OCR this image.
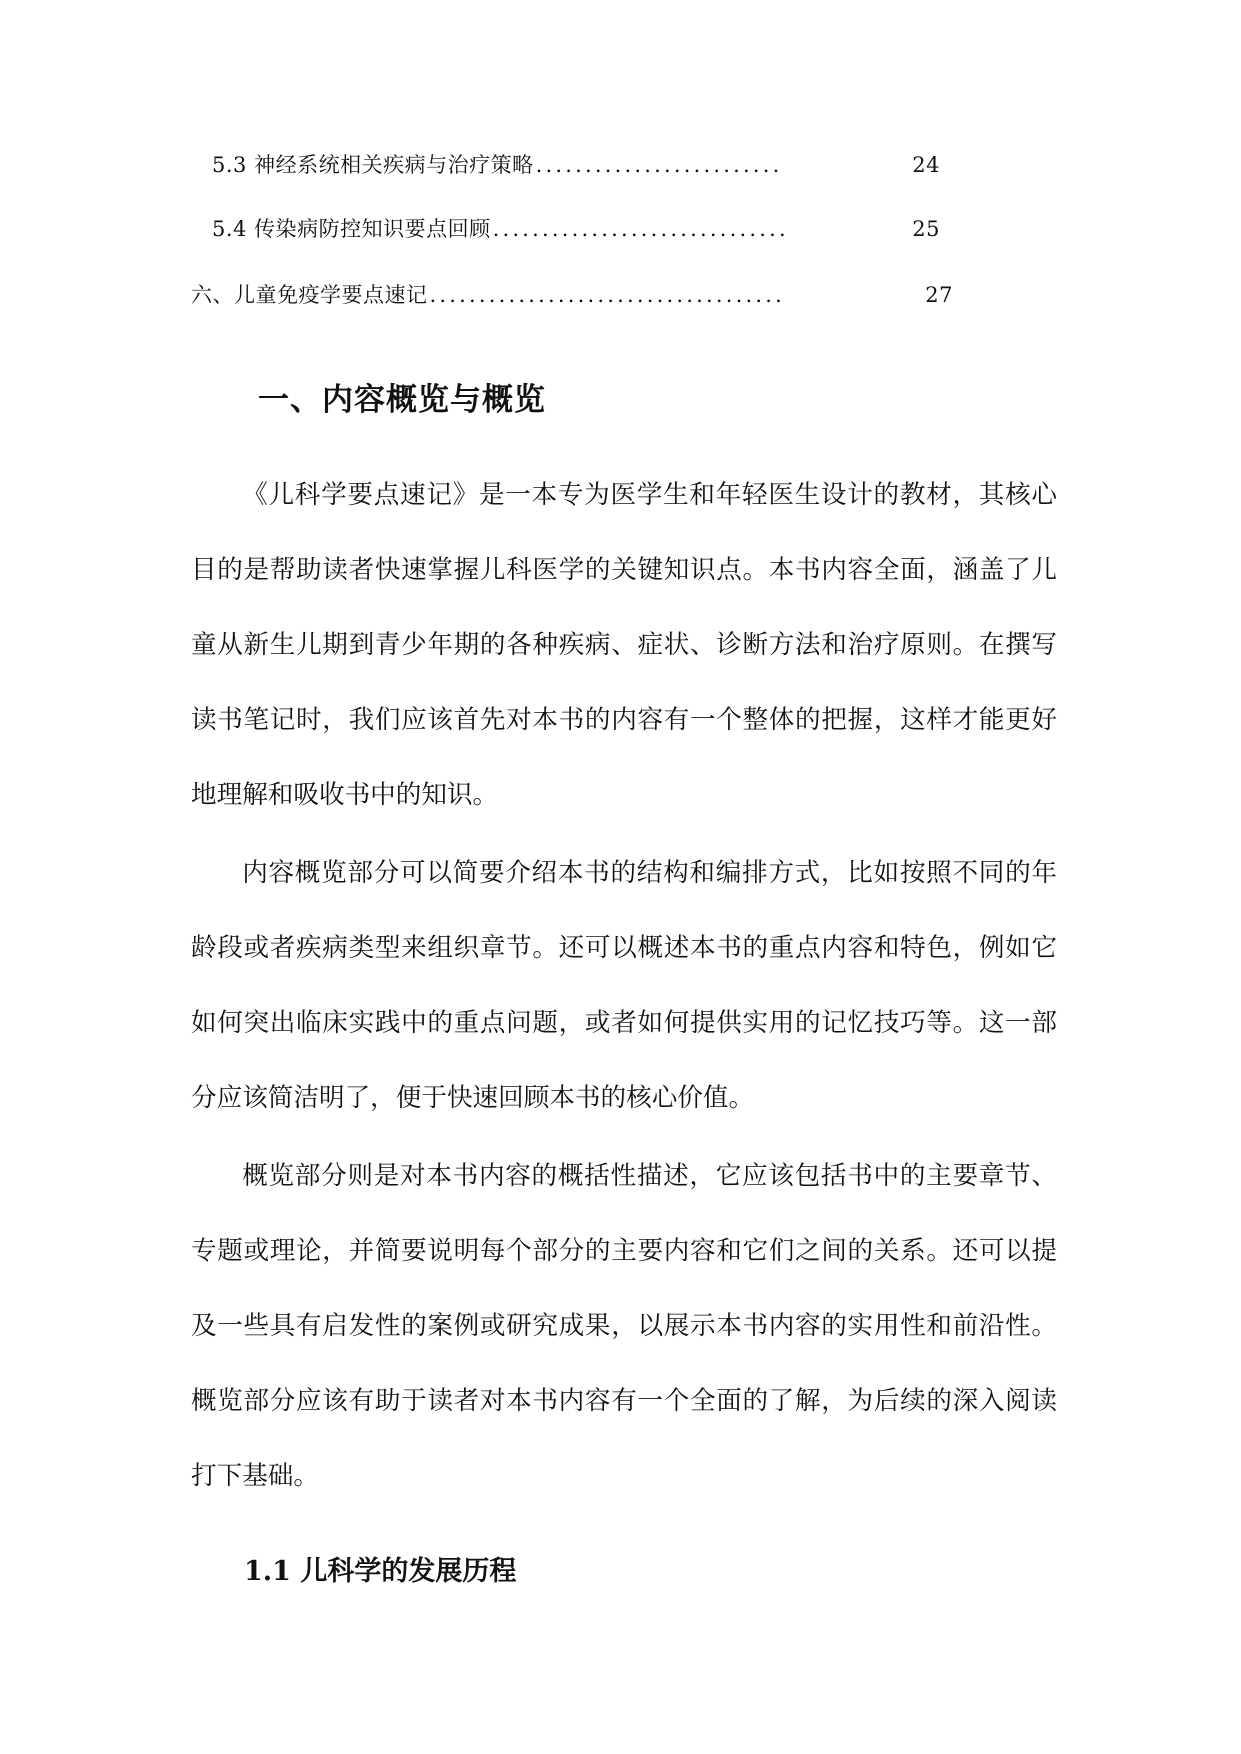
5.3 神经系统相关疾病与治疗策略 .........................	24
5.4 传染病防控知识要点回顾 ..............................	25
六、儿童免疫学要点速记 ....................................	27
一、内容概览与概览

《儿科学要点速记》是一本专为医学生和年轻医生设计的教材，其核心目的是帮助读者快速掌握儿科医学的关键知识点。本书内容全面，涵盖了儿童从新生儿期到青少年期的各种疾病、症状、诊断方法和治疗原则。在撰写读书笔记时，我们应该首先对本书的内容有一个整体的把握，这样才能更好地理解和吸收书中的知识。

内容概览部分可以简要介绍本书的结构和编排方式，比如按照不同的年龄段或者疾病类型来组织章节。还可以概述本书的重点内容和特色，例如它如何突出临床实践中的重点问题，或者如何提供实用的记忆技巧等。这一部分应该简洁明了，便于快速回顾本书的核心价值。

概览部分则是对本书内容的概括性描述，它应该包括书中的主要章节、专题或理论，并简要说明每个部分的主要内容和它们之间的关系。还可以提及一些具有启发性的案例或研究成果，以展示本书内容的实用性和前沿性。概览部分应该有助于读者对本书内容有一个全面的了解，为后续的深入阅读打下基础。

1.1 儿科学的发展历程
